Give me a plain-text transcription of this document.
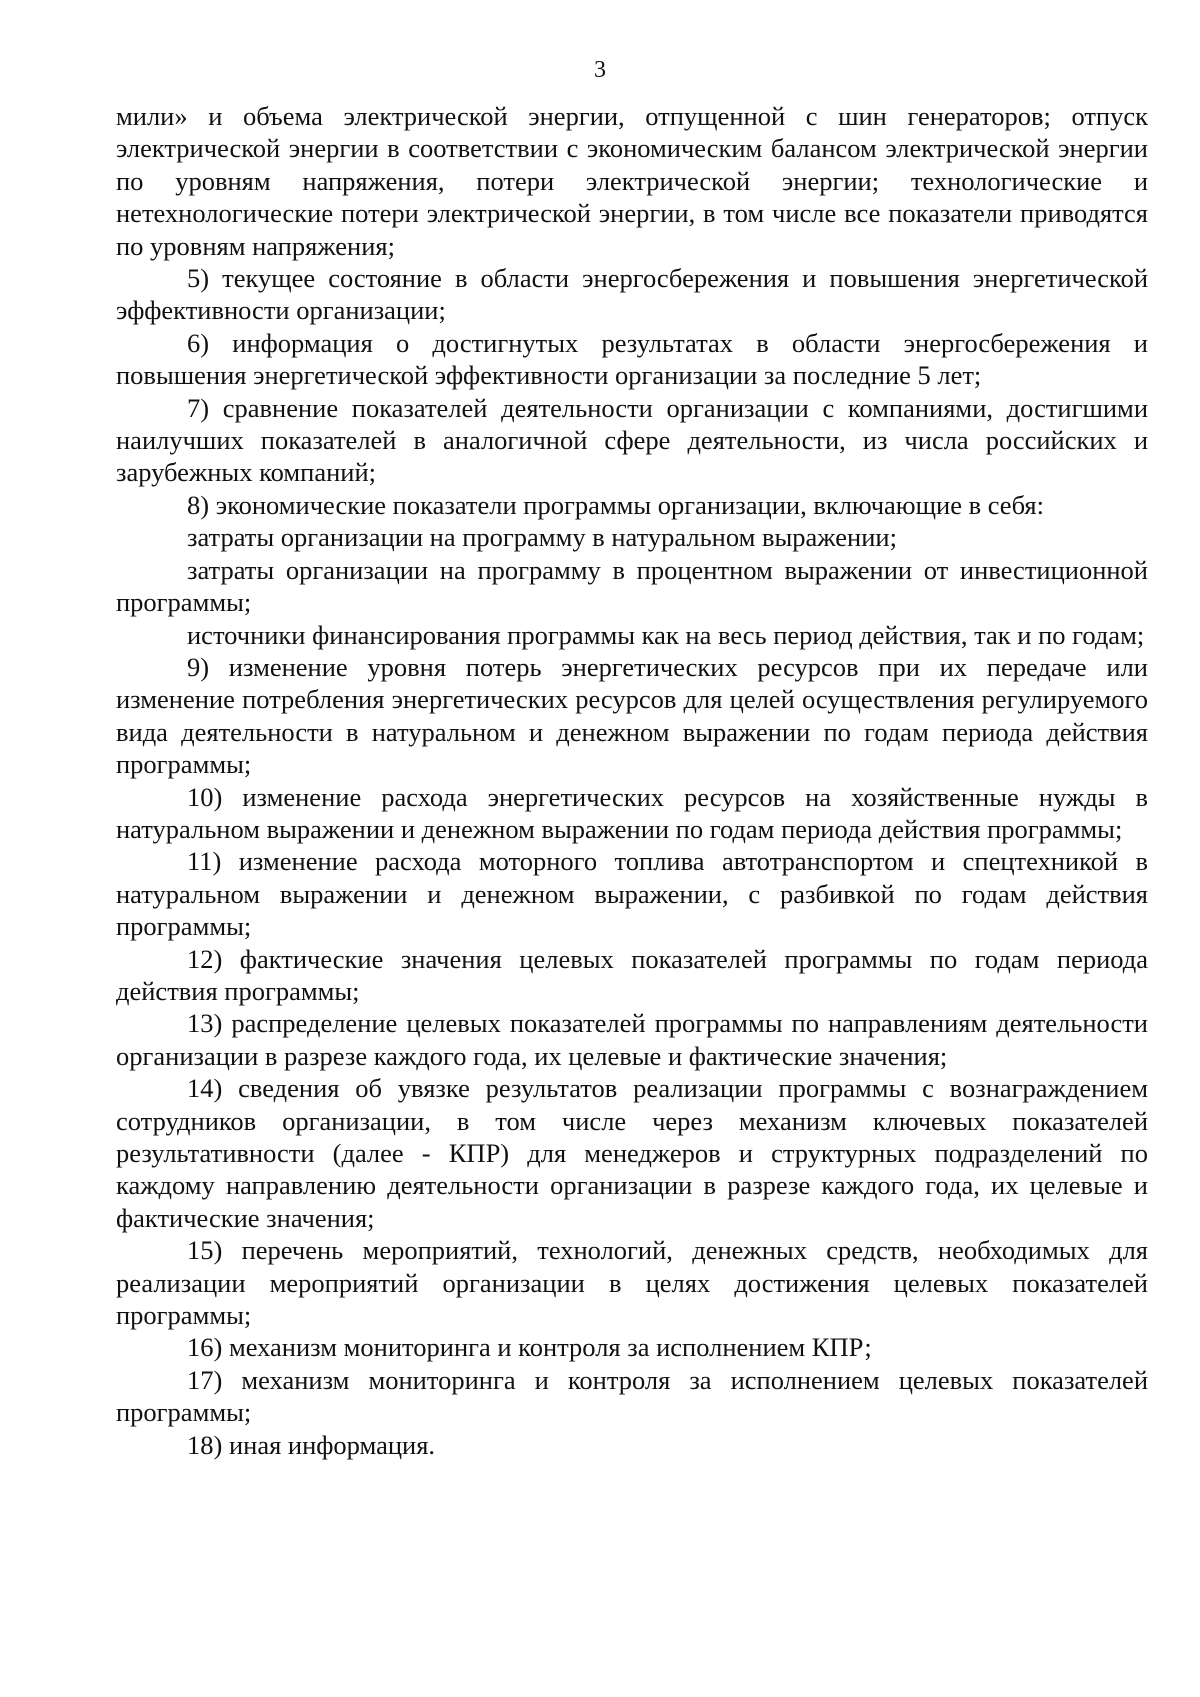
3

мили» и объема электрической энергии, отпущенной с шин генераторов; отпуск электрической энергии в соответствии с экономическим балансом электрической энергии по уровням напряжения, потери электрической энергии; технологические и нетехнологические потери электрической энергии, в том числе все показатели приводятся по уровням напряжения;

5) текущее состояние в области энергосбережения и повышения энергетической эффективности организации;

6) информация о достигнутых результатах в области энергосбережения и повышения энергетической эффективности организации за последние 5 лет;

7) сравнение показателей деятельности организации с компаниями, достигшими наилучших показателей в аналогичной сфере деятельности, из числа российских и зарубежных компаний;

8) экономические показатели программы организации, включающие в себя:

затраты организации на программу в натуральном выражении;

затраты организации на программу в процентном выражении от инвестиционной программы;

источники финансирования программы как на весь период действия, так и по годам;

9) изменение уровня потерь энергетических ресурсов при их передаче или изменение потребления энергетических ресурсов для целей осуществления регулируемого вида деятельности в натуральном и денежном выражении по годам периода действия программы;

10) изменение расхода энергетических ресурсов на хозяйственные нужды в натуральном выражении и денежном выражении по годам периода действия программы;

11) изменение расхода моторного топлива автотранспортом и спецтехникой в натуральном выражении и денежном выражении, с разбивкой по годам действия программы;

12) фактические значения целевых показателей программы по годам периода действия программы;

13) распределение целевых показателей программы по направлениям деятельности организации в разрезе каждого года, их целевые и фактические значения;

14) сведения об увязке результатов реализации программы с вознаграждением сотрудников организации, в том числе через механизм ключевых показателей результативности (далее - КПР) для менеджеров и структурных подразделений по каждому направлению деятельности организации в разрезе каждого года, их целевые и фактические значения;

15) перечень мероприятий, технологий, денежных средств, необходимых для реализации мероприятий организации в целях достижения целевых показателей программы;

16) механизм мониторинга и контроля за исполнением КПР;

17) механизм мониторинга и контроля за исполнением целевых показателей программы;

18) иная информация.
